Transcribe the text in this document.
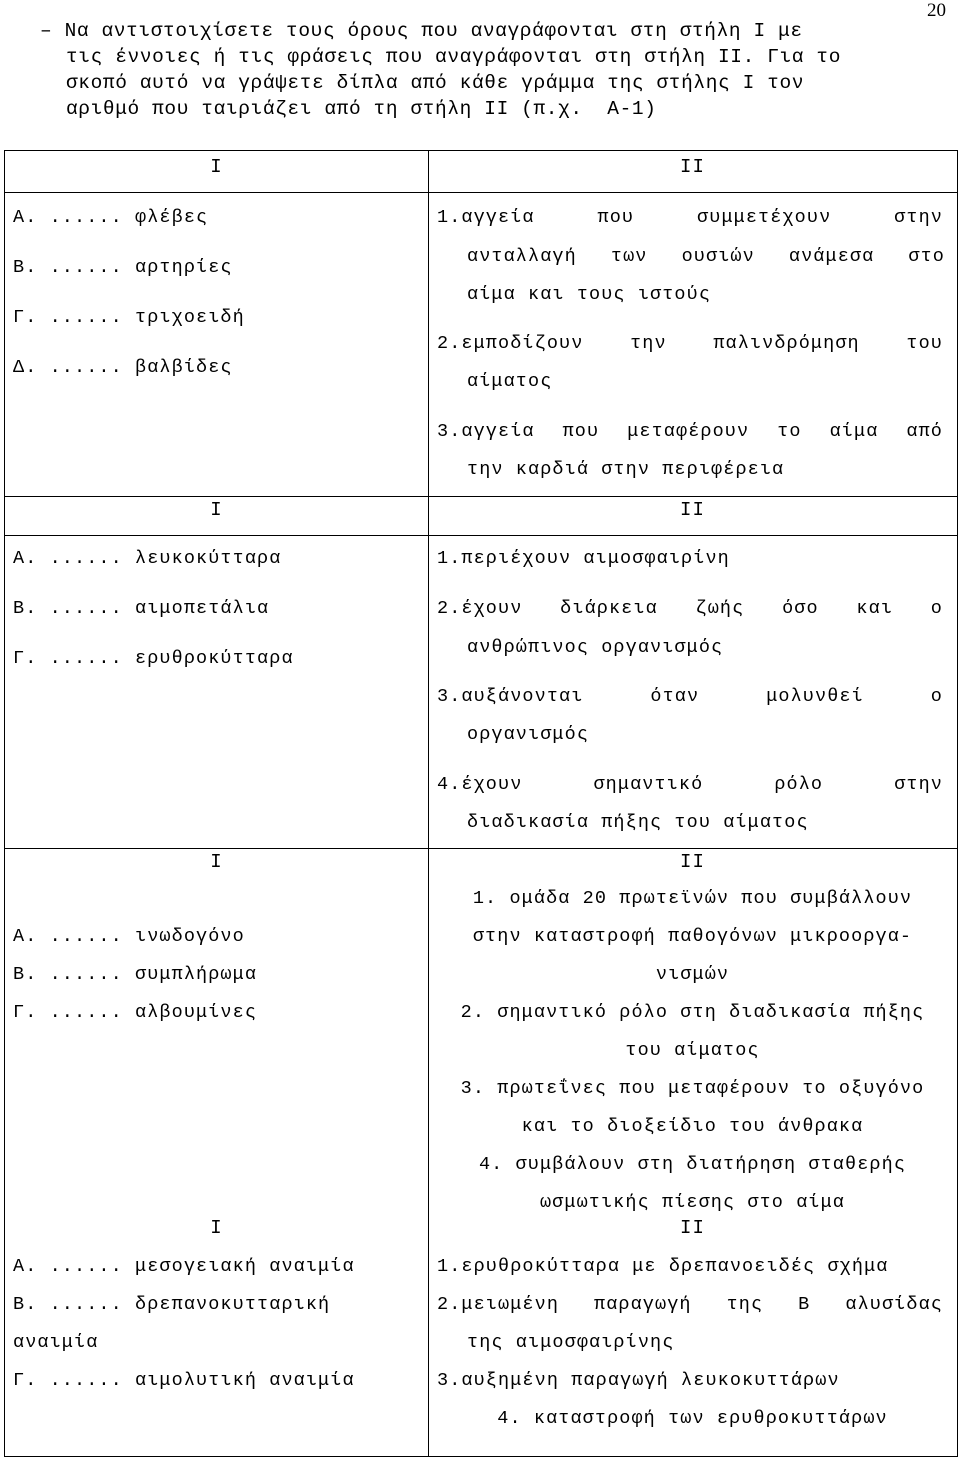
20
– Να αντιστοιχίσετε τους όρους που αναγράφονται στη στήλη Ι με
τις έννοιες ή τις φράσεις που αναγράφονται στη στήλη ΙΙ. Για το
σκοπό αυτό να γράψετε δίπλα από κάθε γράμμα της στήλης Ι τον
αριθμό που ταιριάζει από τη στήλη ΙΙ (π.χ.  Α-1)
Ι	ΙΙ
Α. ...... φλέβες
Β. ...... αρτηρίες
Γ. ...... τριχοειδή
Δ. ...... βαλβίδες
1.αγγεία που συμμετέχουν στην
ανταλλαγή των ουσιών ανάμεσα στο
αίμα και τους ιστούς
2.εμποδίζουν την παλινδρόμηση του
αίματος
3.αγγεία που μεταφέρουν το αίμα από
την καρδιά στην περιφέρεια
Ι	ΙΙ
Α. ...... λευκοκύτταρα
Β. ...... αιμοπετάλια
Γ. ...... ερυθροκύτταρα
1.περιέχουν αιμοσφαιρίνη
2.έχουν διάρκεια ζωής όσο και ο
ανθρώπινος οργανισμός
3.αυξάνονται όταν μολυνθεί ο
οργανισμός
4.έχουν σημαντικό ρόλο στην
διαδικασία πήξης του αίματος
Ι	ΙΙ
Α. ...... ινωδογόνο
Β. ...... συμπλήρωμα
Γ. ...... αλβουμίνες
1. ομάδα 20 πρωτεϊνών που συμβάλλουν
στην καταστροφή παθογόνων μικροοργα-
νισμών
2. σημαντικό ρόλο στη διαδικασία πήξης
του αίματος
3. πρωτεΐνες που μεταφέρουν το οξυγόνο
και το διοξείδιο του άνθρακα
4. συμβάλουν στη διατήρηση σταθερής
ωσμωτικής πίεσης στο αίμα
Ι	ΙΙ
Α. ...... μεσογειακή αναιμία
Β. ...... δρεπανοκυτταρική
αναιμία
Γ. ...... αιμολυτική αναιμία
1.ερυθροκύτταρα με δρεπανοειδές σχήμα
2.μειωμένη παραγωγή της Β αλυσίδας
της αιμοσφαιρίνης
3.αυξημένη παραγωγή λευκοκυττάρων
4. καταστροφή των ερυθροκυττάρων
